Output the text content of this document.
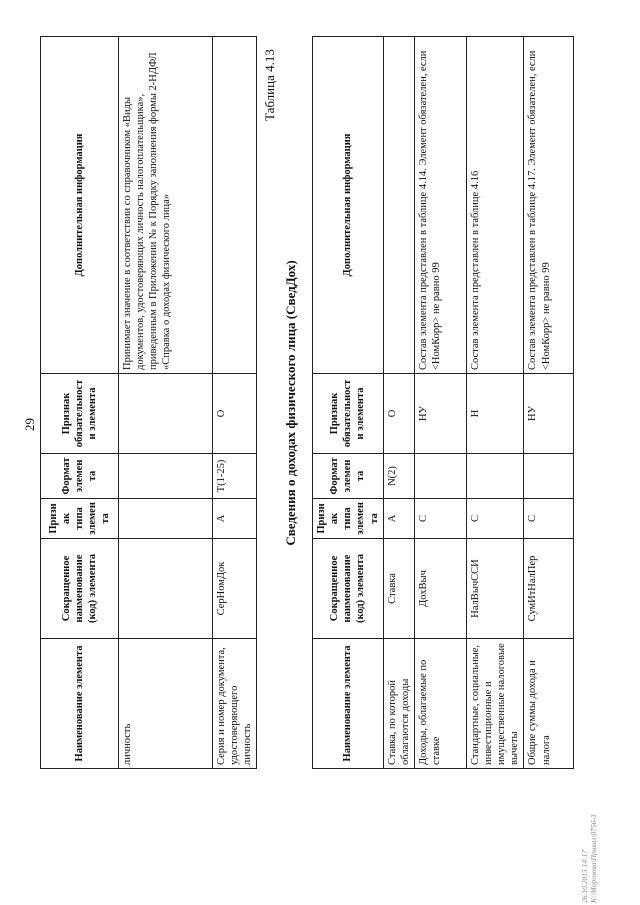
29
Наименование элемента	Сокращенное наименование (код) элемента	Признак типа элемента	Формат элемента	Признак обязательности элемента	Дополнительная информация
личность					Принимает значение в соответствии со справочником «Виды документов, удостоверяющих личность налогоплательщика», приведенным в Приложении № к Порядку заполнения формы 2-НДФЛ «Справка о доходах физического лица»
Серия и номер документа, удостоверяющего личность	СерНомДок	А	T(1-25)	О	
Таблица 4.13
Сведения о доходах физического лица (СведДох)
Наименование элемента	Сокращенное наименование (код) элемента	Признак типа элемента	Формат элемента	Признак обязательности элемента	Дополнительная информация
Ставка, по которой облагаются доходы	Ставка	А	N(2)	О	
Доходы, облагаемые по ставке	ДохВыч	С		НУ	Состав элемента представлен в таблице 4.14. Элемент обязателен, если <НомКорр> не равно 99
Стандартные, социальные, инвестиционные и имущественные налоговые вычеты	НалВычССИ	С		Н	Состав элемента представлен в таблице 4.16
Общие суммы дохода и налога	СумИтНалПер	С		НУ	Состав элемента представлен в таблице 4.17. Элемент обязателен, если <НомКорр> не равно 99
26.10.2015 14:17 К:\Морозова\Приказ\0756-3
